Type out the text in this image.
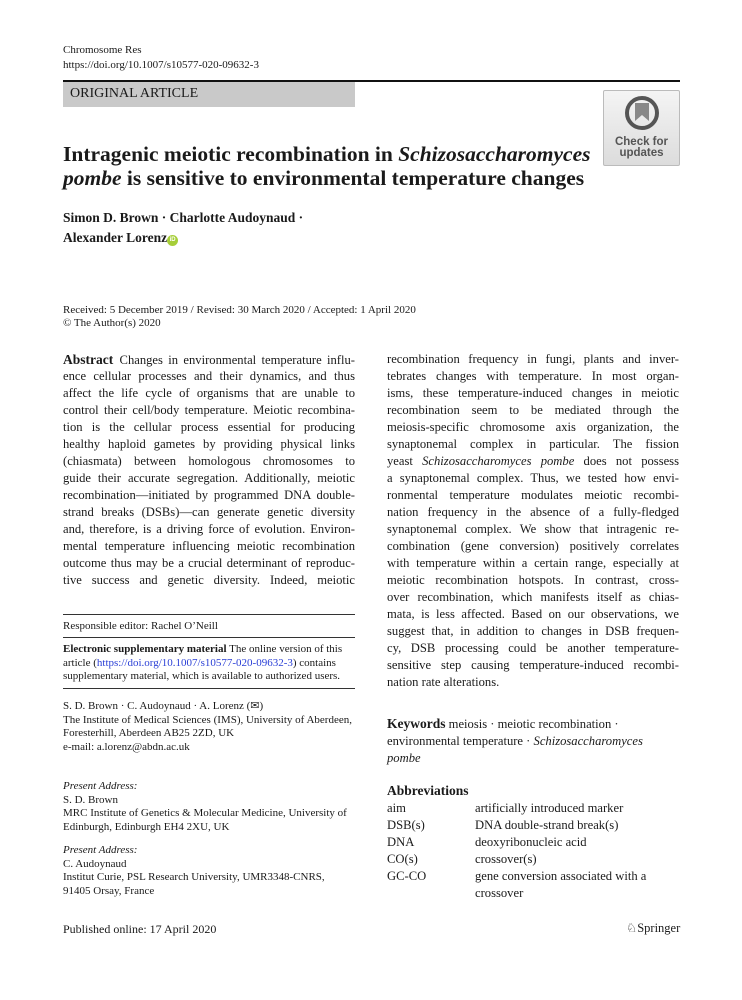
Chromosome Res
https://doi.org/10.1007/s10577-020-09632-3
ORIGINAL ARTICLE
Check for
updates
Intragenic meiotic recombination in Schizosaccharomyces
pombe is sensitive to environmental temperature changes
Simon D. Brown · Charlotte Audoynaud ·
Alexander Lorenz iD
Received: 5 December 2019 / Revised: 30 March 2020 / Accepted: 1 April 2020
© The Author(s) 2020
Abstract  Changes in environmental temperature influ-
ence cellular processes and their dynamics, and thus
affect the life cycle of organisms that are unable to
control their cell/body temperature. Meiotic recombina-
tion is the cellular process essential for producing
healthy haploid gametes by providing physical links
(chiasmata) between homologous chromosomes to
guide their accurate segregation. Additionally, meiotic
recombination—initiated by programmed DNA double-
strand breaks (DSBs)—can generate genetic diversity
and, therefore, is a driving force of evolution. Environ-
mental temperature influencing meiotic recombination
outcome thus may be a crucial determinant of reproduc-
tive success and genetic diversity. Indeed, meiotic
recombination frequency in fungi, plants and inver-
tebrates changes with temperature. In most organ-
isms, these temperature-induced changes in meiotic
recombination seem to be mediated through the
meiosis-specific chromosome axis organization, the
synaptonemal complex in particular. The fission
yeast Schizosaccharomyces pombe does not possess
a synaptonemal complex. Thus, we tested how envi-
ronmental temperature modulates meiotic recombi-
nation frequency in the absence of a fully-fledged
synaptonemal complex. We show that intragenic re-
combination (gene conversion) positively correlates
with temperature within a certain range, especially at
meiotic recombination hotspots. In contrast, cross-
over recombination, which manifests itself as chias-
mata, is less affected. Based on our observations, we
suggest that, in addition to changes in DSB frequen-
cy, DSB processing could be another temperature-
sensitive step causing temperature-induced recombi-
nation rate alterations.
Responsible editor: Rachel O’Neill
Electronic supplementary material The online version of this
article (https://doi.org/10.1007/s10577-020-09632-3) contains
supplementary material, which is available to authorized users.
S. D. Brown · C. Audoynaud · A. Lorenz (✉)
The Institute of Medical Sciences (IMS), University of Aberdeen,
Foresterhill, Aberdeen AB25 2ZD, UK
e-mail: a.lorenz@abdn.ac.uk
Present Address:
S. D. Brown
MRC Institute of Genetics & Molecular Medicine, University of
Edinburgh, Edinburgh EH4 2XU, UK
Present Address:
C. Audoynaud
Institut Curie, PSL Research University, UMR3348-CNRS,
91405 Orsay, France
Published online: 17 April 2020
Keywords meiosis · meiotic recombination ·
environmental temperature · Schizosaccharomyces
pombe
Abbreviations
aim	artificially introduced marker
DSB(s)	DNA double-strand break(s)
DNA	deoxyribonucleic acid
CO(s)	crossover(s)
GC-CO	gene conversion associated with a
crossover
♘Springer
